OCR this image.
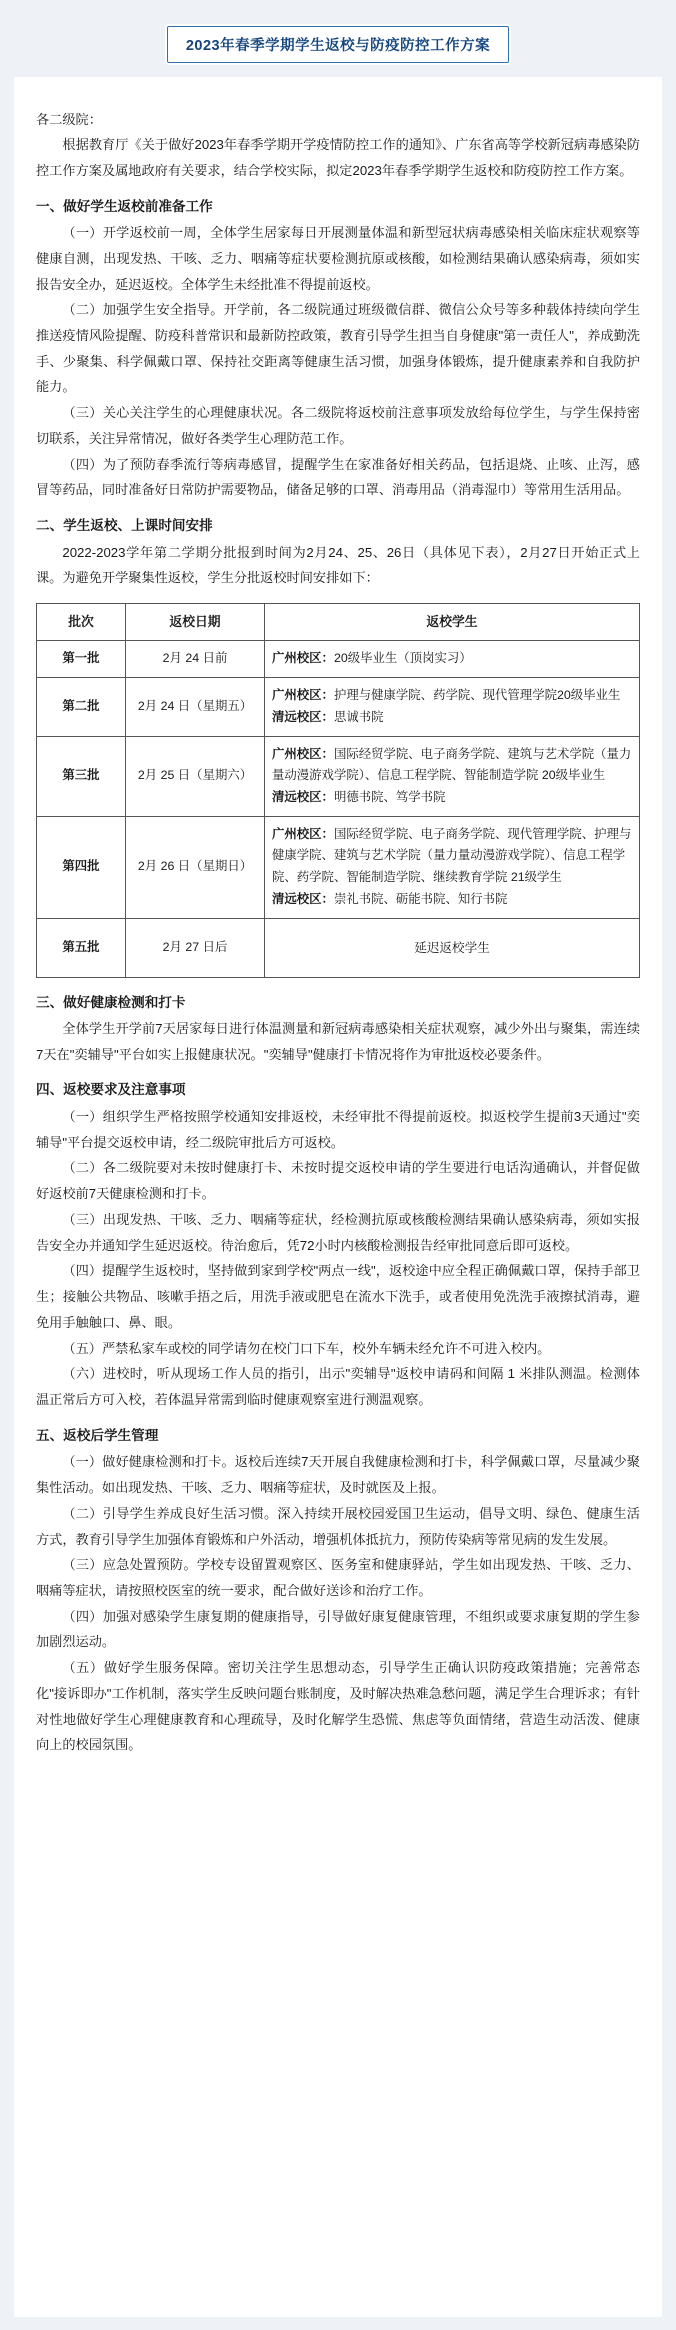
2023年春季学期学生返校与防疫防控工作方案
各二级院：

根据教育厅《关于做好2023年春季学期开学疫情防控工作的通知》、广东省高等学校新冠病毒感染防控工作方案及属地政府有关要求，结合学校实际，拟定2023年春季学期学生返校和防疫防控工作方案。

一、做好学生返校前准备工作

（一）开学返校前一周，全体学生居家每日开展测量体温和新型冠状病毒感染相关临床症状观察等健康自测，出现发热、干咳、乏力、咽痛等症状要检测抗原或核酸，如检测结果确认感染病毒，须如实报告安全办，延迟返校。全体学生未经批准不得提前返校。

（二）加强学生安全指导。开学前，各二级院通过班级微信群、微信公众号等多种载体持续向学生推送疫情风险提醒、防疫科普常识和最新防控政策，教育引导学生担当自身健康"第一责任人"，养成勤洗手、少聚集、科学佩戴口罩、保持社交距离等健康生活习惯，加强身体锻炼，提升健康素养和自我防护能力。

（三）关心关注学生的心理健康状况。各二级院将返校前注意事项发放给每位学生，与学生保持密切联系，关注异常情况，做好各类学生心理防范工作。

（四）为了预防春季流行等病毒感冒，提醒学生在家准备好相关药品，包括退烧、止咳、止泻，感冒等药品，同时准备好日常防护需要物品，储备足够的口罩、消毒用品（消毒湿巾）等常用生活用品。

二、学生返校、上课时间安排

2022-2023学年第二学期分批报到时间为2月24、25、26日（具体见下表），2月27日开始正式上课。为避免开学聚集性返校，学生分批返校时间安排如下：

批次	返校日期	返校学生
第一批	2月 24 日前	广州校区：20级毕业生（顶岗实习）

第二批	2月 24 日（星期五）	广州校区：护理与健康学院、药学院、现代管理学院20级毕业生
清远校区：思诚书院

第三批	2月 25 日（星期六）	广州校区：国际经贸学院、电子商务学院、建筑与艺术学院（量力量动漫游戏学院）、信息工程学院、智能制造学院 20级毕业生
清远校区：明德书院、笃学书院

第四批	2月 26 日（星期日）	广州校区：国际经贸学院、电子商务学院、现代管理学院、护理与健康学院、建筑与艺术学院（量力量动漫游戏学院）、信息工程学院、药学院、智能制造学院、继续教育学院 21级学生
清远校区：崇礼书院、砺能书院、知行书院

第五批	2月 27 日后	延迟返校学生
三、做好健康检测和打卡

全体学生开学前7天居家每日进行体温测量和新冠病毒感染相关症状观察，减少外出与聚集，需连续7天在"奕辅导"平台如实上报健康状况。"奕辅导"健康打卡情况将作为审批返校必要条件。

四、返校要求及注意事项

（一）组织学生严格按照学校通知安排返校，未经审批不得提前返校。拟返校学生提前3天通过"奕辅导"平台提交返校申请，经二级院审批后方可返校。

（二）各二级院要对未按时健康打卡、未按时提交返校申请的学生要进行电话沟通确认，并督促做好返校前7天健康检测和打卡。

（三）出现发热、干咳、乏力、咽痛等症状，经检测抗原或核酸检测结果确认感染病毒，须如实报告安全办并通知学生延迟返校。待治愈后，凭72小时内核酸检测报告经审批同意后即可返校。

（四）提醒学生返校时，坚持做到家到学校"两点一线"，返校途中应全程正确佩戴口罩，保持手部卫生；接触公共物品、咳嗽手捂之后，用洗手液或肥皂在流水下洗手，或者使用免洗洗手液擦拭消毒，避免用手触触口、鼻、眼。

（五）严禁私家车或校的同学请勿在校门口下车，校外车辆未经允许不可进入校内。

（六）进校时，听从现场工作人员的指引，出示"奕辅导"返校申请码和间隔 1 米排队测温。检测体温正常后方可入校，若体温异常需到临时健康观察室进行测温观察。

五、返校后学生管理

（一）做好健康检测和打卡。返校后连续7天开展自我健康检测和打卡，科学佩戴口罩，尽量减少聚集性活动。如出现发热、干咳、乏力、咽痛等症状，及时就医及上报。

（二）引导学生养成良好生活习惯。深入持续开展校园爱国卫生运动，倡导文明、绿色、健康生活方式，教育引导学生加强体育锻炼和户外活动，增强机体抵抗力，预防传染病等常见病的发生发展。

（三）应急处置预防。学校专设留置观察区、医务室和健康驿站，学生如出现发热、干咳、乏力、咽痛等症状，请按照校医室的统一要求，配合做好送诊和治疗工作。

（四）加强对感染学生康复期的健康指导，引导做好康复健康管理，不组织或要求康复期的学生参加剧烈运动。

（五）做好学生服务保障。密切关注学生思想动态，引导学生正确认识防疫政策措施；完善常态化"接诉即办"工作机制，落实学生反映问题台账制度，及时解决热难急愁问题，满足学生合理诉求；有针对性地做好学生心理健康教育和心理疏导，及时化解学生恐慌、焦虑等负面情绪，营造生动活泼、健康向上的校园氛围。
